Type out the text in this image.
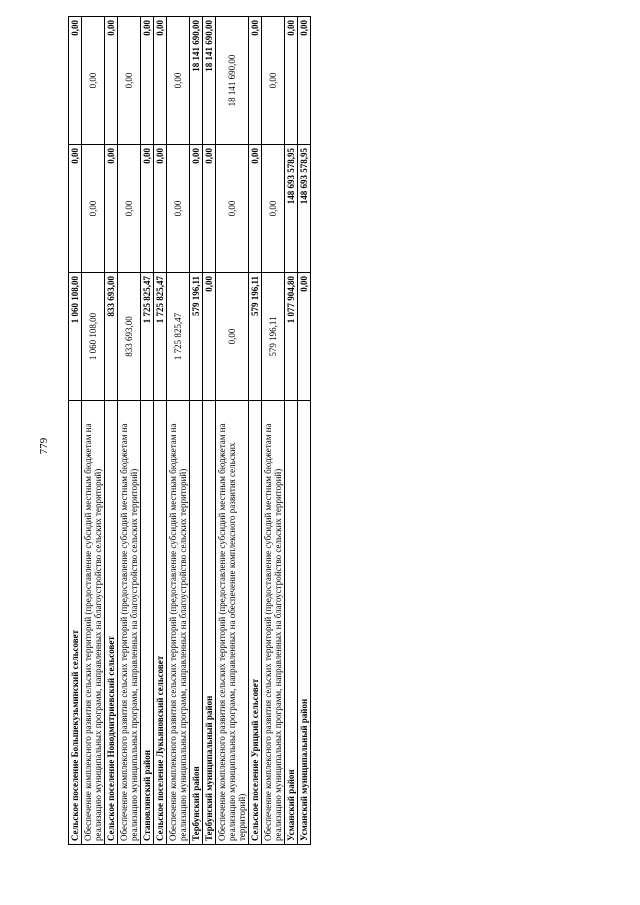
779
Сельское поселение Большекузьминский сельсовет	1 060 108,00	0,00	0,00
Обеспечение комплексного развития сельских территорий (предоставление субсидий местным бюджетам на реализацию муниципальных программ, направленных на благоустройство сельских территорий)	1 060 108,00	0,00	0,00
Сельское поселение Новодмитриевский сельсовет	833 693,00	0,00	0,00
Обеспечение комплексного развития сельских территорий (предоставление субсидий местным бюджетам на реализацию муниципальных программ, направленных на благоустройство сельских территорий)	833 693,00	0,00	0,00
Становлянский район	1 725 825,47	0,00	0,00
Сельское поселение Лукьяновский сельсовет	1 725 825,47	0,00	0,00
Обеспечение комплексного развития сельских территорий (предоставление субсидий местным бюджетам на реализацию муниципальных программ, направленных на благоустройство сельских территорий)	1 725 825,47	0,00	0,00
Тербунский район	579 196,11	0,00	18 141 690,00
Тербунский муниципальный район	0,00	0,00	18 141 690,00
Обеспечение комплексного развития сельских территорий (предоставление субсидий местным бюджетам на реализацию муниципальных программ, направленных на обеспечение комплексного развития сельских территорий)	0,00	0,00	18 141 690,00
Сельское поселение Урицкий сельсовет	579 196,11	0,00	0,00
Обеспечение комплексного развития сельских территорий (предоставление субсидий местным бюджетам на реализацию муниципальных программ, направленных на благоустройство сельских территорий)	579 196,11	0,00	0,00
Усманский район	1 077 904,80	148 693 578,95	0,00
Усманский муниципальный район	0,00	148 693 578,95	0,00
